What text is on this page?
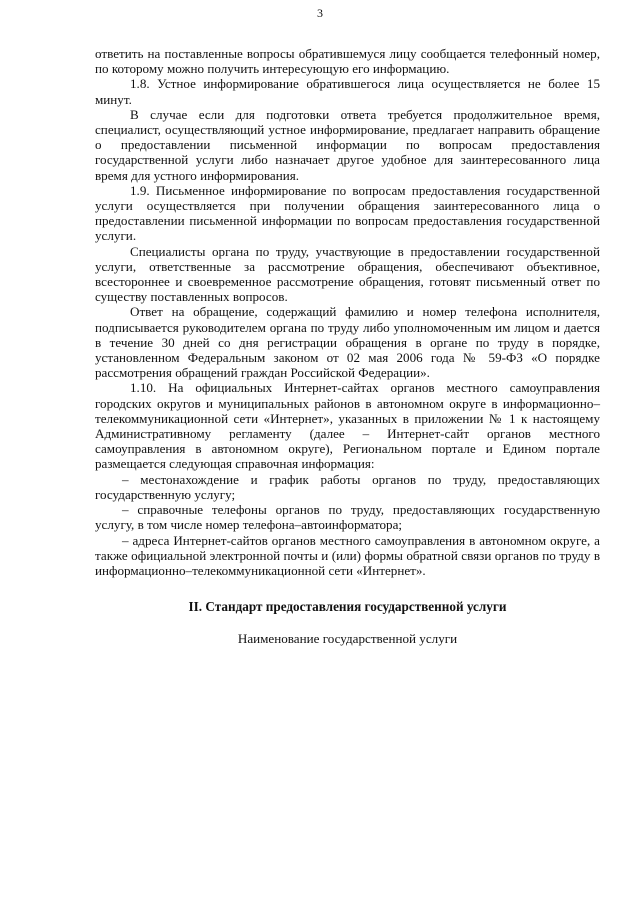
3

ответить на поставленные вопросы обратившемуся лицу сообщается телефонный номер, по которому можно получить интересующую его информацию.

1.8. Устное информирование обратившегося лица осуществляется не более 15 минут.

В случае если для подготовки ответа требуется продолжительное время, специалист, осуществляющий устное информирование, предлагает направить обращение о предоставлении письменной информации по вопросам предоставления государственной услуги либо назначает другое удобное для заинтересованного лица время для устного информирования.

1.9. Письменное информирование по вопросам предоставления государственной услуги осуществляется при получении обращения заинтересованного лица о предоставлении письменной информации по вопросам предоставления государственной услуги.

Специалисты органа по труду, участвующие в предоставлении государственной услуги, ответственные за рассмотрение обращения, обеспечивают объективное, всестороннее и своевременное рассмотрение обращения, готовят письменный ответ по существу поставленных вопросов.

Ответ на обращение, содержащий фамилию и номер телефона исполнителя, подписывается руководителем органа по труду либо уполномоченным им лицом и дается в течение 30 дней со дня регистрации обращения в органе по труду в порядке, установленном Федеральным законом от 02 мая 2006 года № 59-ФЗ «О порядке рассмотрения обращений граждан Российской Федерации».

1.10. На официальных Интернет-сайтах органов местного самоуправления городских округов и муниципальных районов в автономном округе в информационно–телекоммуникационной сети «Интернет», указанных в приложении № 1 к настоящему Административному регламенту (далее – Интернет-сайт органов местного самоуправления в автономном округе), Региональном портале и Едином портале размещается следующая справочная информация:

– местонахождение и график работы органов по труду, предоставляющих государственную услугу;

– справочные телефоны органов по труду, предоставляющих государственную услугу, в том числе номер телефона–автоинформатора;

– адреса Интернет-сайтов органов местного самоуправления в автономном округе, а также официальной электронной почты и (или) формы обратной связи органов по труду в информационно–телекоммуникационной сети «Интернет».

II. Стандарт предоставления государственной услуги

Наименование государственной услуги
